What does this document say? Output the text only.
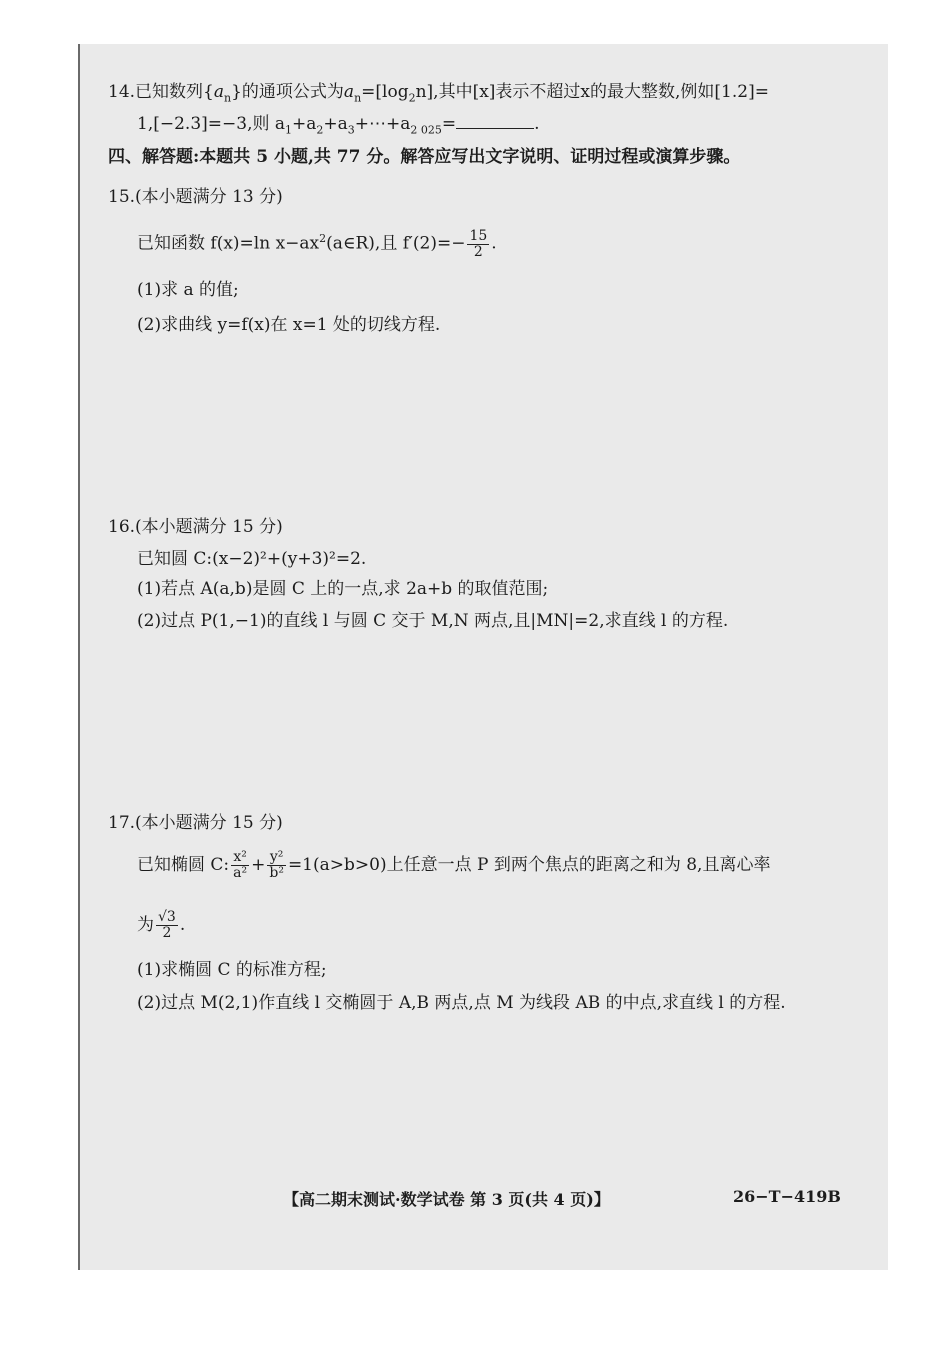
14.已知数列$\{a_n\}$的通项公式为$a_n=[\log_2n]$,其中[x]表示不超过x的最大整数,例如[1.2]=
1,[−2.3]=−3,则 $a_1+a_2+a_3+\cdots+a_{2 025}=$	.
四、解答题:本题共 5 小题,共 77 分。解答应写出文字说明、证明过程或演算步骤。
15.(本小题满分 13 分)
已知函数 f(x)=ln $x-ax^2(a\in R)$,且 $f'(2)=- \frac{15}{2}$ .
(1)求 a 的值;
(2)求曲线 y=f(x)在 x=1 处的切线方程.
16.(本小题满分 15 分)
已知圆 C:(x−2)²+(y+3)²=2.
(1)若点 A(a,b)是圆 C 上的一点,求 2a+b 的取值范围;
(2)过点 P(1,−1)的直线 l 与圆 C 交于 M,N 两点,且|MN|=2,求直线 l 的方程.
17.(本小题满分 15 分)
已知椭圆 C: $\frac{\text{x²}}{\text{a²}} + \frac{\text{y²}}{\text{b²}} =1(a>b>0)$上任意一点 P 到两个焦点的距离之和为 8,且离心率
为 $\frac{√3}{2}$ .
(1)求椭圆 C 的标准方程;
(2)过点 M(2,1)作直线 l 交椭圆于 A,B 两点,点 M 为线段 AB 的中点,求直线 l 的方程.
【高二期末测试·数学试卷 第 3 页(共 4 页)】	26−T−419B
